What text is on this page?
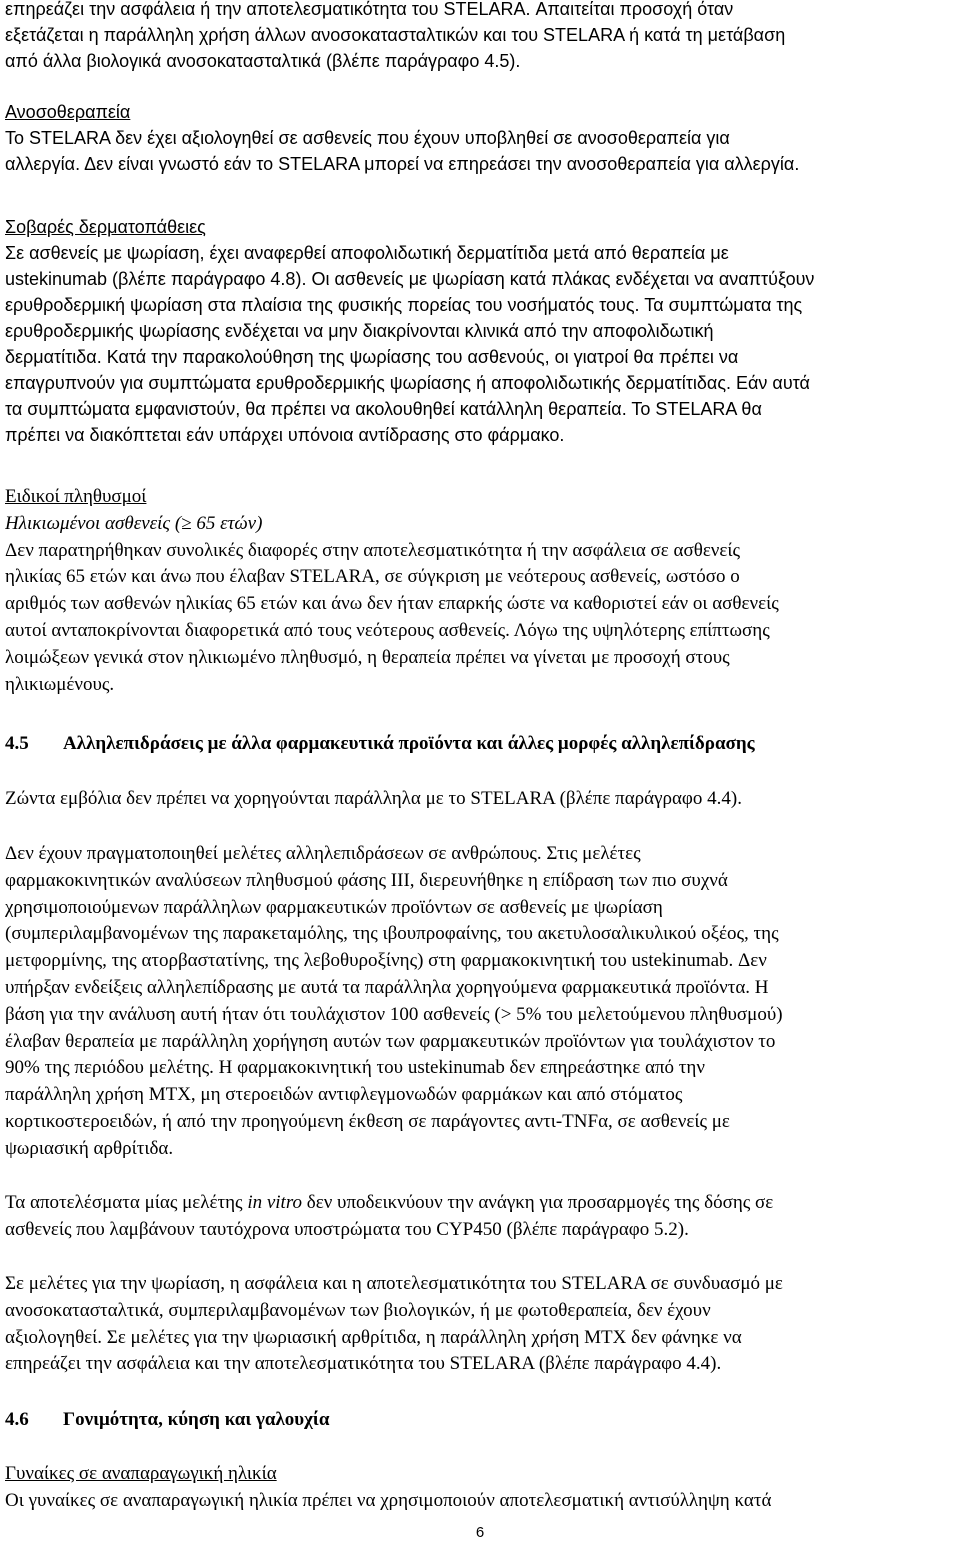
επηρεάζει την ασφάλεια ή την αποτελεσματικότητα του STELARA. Απαιτείται προσοχή όταν
εξετάζεται η παράλληλη χρήση άλλων ανοσοκατασταλτικών και του STELARA ή κατά τη μετάβαση
από άλλα βιολογικά ανοσοκατασταλτικά (βλέπε παράγραφο 4.5).
Ανοσοθεραπεία
Το STELARA δεν έχει αξιολογηθεί σε ασθενείς που έχουν υποβληθεί σε ανοσοθεραπεία για
αλλεργία. Δεν είναι γνωστό εάν το STELARA μπορεί να επηρεάσει την ανοσοθεραπεία για αλλεργία.
Σοβαρές δερματοπάθειες
Σε ασθενείς με ψωρίαση, έχει αναφερθεί αποφολιδωτική δερματίτιδα μετά από θεραπεία με
ustekinumab (βλέπε παράγραφο 4.8). Οι ασθενείς με ψωρίαση κατά πλάκας ενδέχεται να αναπτύξουν
ερυθροδερμική ψωρίαση στα πλαίσια της φυσικής πορείας του νοσήματός τους. Τα συμπτώματα της
ερυθροδερμικής ψωρίασης ενδέχεται να μην διακρίνονται κλινικά από την αποφολιδωτική
δερματίτιδα. Κατά την παρακολούθηση της ψωρίασης του ασθενούς, οι γιατροί θα πρέπει να
επαγρυπνούν για συμπτώματα ερυθροδερμικής ψωρίασης ή αποφολιδωτικής δερματίτιδας. Εάν αυτά
τα συμπτώματα εμφανιστούν, θα πρέπει να ακολουθηθεί κατάλληλη θεραπεία. Το STELARA θα
πρέπει να διακόπτεται εάν υπάρχει υπόνοια αντίδρασης στο φάρμακο.
Ειδικοί πληθυσμοί
Ηλικιωμένοι ασθενείς (≥ 65 ετών)
Δεν παρατηρήθηκαν συνολικές διαφορές στην αποτελεσματικότητα ή την ασφάλεια σε ασθενείς
ηλικίας 65 ετών και άνω που έλαβαν STELARA, σε σύγκριση με νεότερους ασθενείς, ωστόσο ο
αριθμός των ασθενών ηλικίας 65 ετών και άνω δεν ήταν επαρκής ώστε να καθοριστεί εάν οι ασθενείς
αυτοί ανταποκρίνονται διαφορετικά από τους νεότερους ασθενείς. Λόγω της υψηλότερης επίπτωσης
λοιμώξεων γενικά στον ηλικιωμένο πληθυσμό, η θεραπεία πρέπει να γίνεται με προσοχή στους
ηλικιωμένους.
4.5 Αλληλεπιδράσεις με άλλα φαρμακευτικά προϊόντα και άλλες μορφές αλληλεπίδρασης
Ζώντα εμβόλια δεν πρέπει να χορηγούνται παράλληλα με το STELARA (βλέπε παράγραφο 4.4).
Δεν έχουν πραγματοποιηθεί μελέτες αλληλεπιδράσεων σε ανθρώπους. Στις μελέτες
φαρμακοκινητικών αναλύσεων πληθυσμού φάσης III, διερευνήθηκε η επίδραση των πιο συχνά
χρησιμοποιούμενων παράλληλων φαρμακευτικών προϊόντων σε ασθενείς με ψωρίαση
(συμπεριλαμβανομένων της παρακεταμόλης, της ιβουπροφαίνης, του ακετυλοσαλικυλικού οξέος, της
μετφορμίνης, της ατορβαστατίνης, της λεβοθυροξίνης) στη φαρμακοκινητική του ustekinumab. Δεν
υπήρξαν ενδείξεις αλληλεπίδρασης με αυτά τα παράλληλα χορηγούμενα φαρμακευτικά προϊόντα. Η
βάση για την ανάλυση αυτή ήταν ότι τουλάχιστον 100 ασθενείς (> 5% του μελετούμενου πληθυσμού)
έλαβαν θεραπεία με παράλληλη χορήγηση αυτών των φαρμακευτικών προϊόντων για τουλάχιστον το
90% της περιόδου μελέτης. Η φαρμακοκινητική του ustekinumab δεν επηρεάστηκε από την
παράλληλη χρήση MTX, μη στεροειδών αντιφλεγμονωδών φαρμάκων και από στόματος
κορτικοστεροειδών, ή από την προηγούμενη έκθεση σε παράγοντες αντι-TNFα, σε ασθενείς με
ψωριασική αρθρίτιδα.
Τα αποτελέσματα μίας μελέτης in vitro δεν υποδεικνύουν την ανάγκη για προσαρμογές της δόσης σε
ασθενείς που λαμβάνουν ταυτόχρονα υποστρώματα του CYP450 (βλέπε παράγραφο 5.2).
Σε μελέτες για την ψωρίαση, η ασφάλεια και η αποτελεσματικότητα του STELARA σε συνδυασμό με
ανοσοκατασταλτικά, συμπεριλαμβανομένων των βιολογικών, ή με φωτοθεραπεία, δεν έχουν
αξιολογηθεί. Σε μελέτες για την ψωριασική αρθρίτιδα, η παράλληλη χρήση MTX δεν φάνηκε να
επηρεάζει την ασφάλεια και την αποτελεσματικότητα του STELARA (βλέπε παράγραφο 4.4).
4.6 Γονιμότητα, κύηση και γαλουχία
Γυναίκες σε αναπαραγωγική ηλικία
Οι γυναίκες σε αναπαραγωγική ηλικία πρέπει να χρησιμοποιούν αποτελεσματική αντισύλληψη κατά
6
